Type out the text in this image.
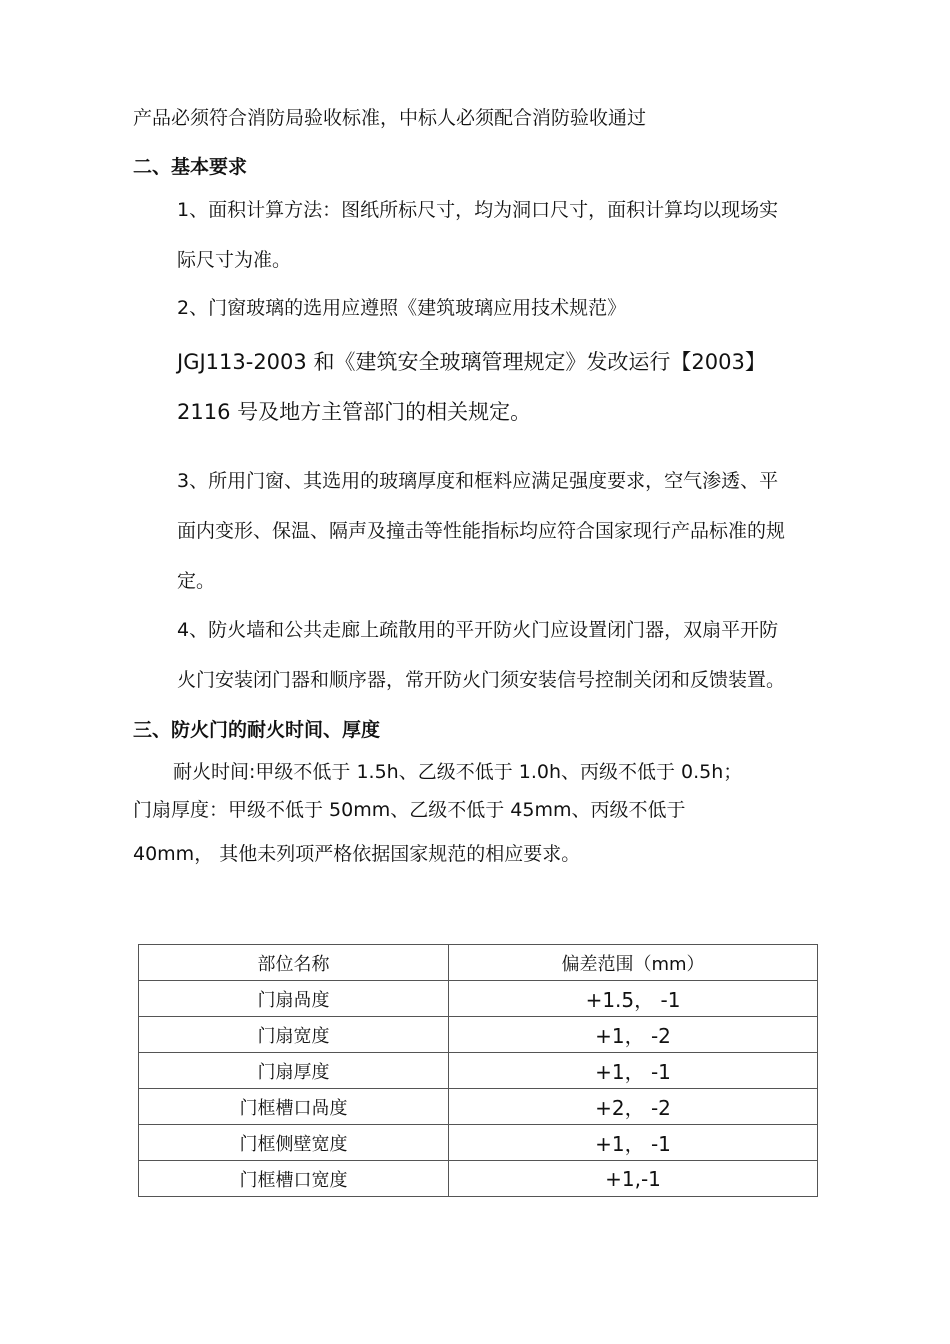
产品必须符合消防局验收标准，中标人必须配合消防验收通过
二、基本要求
1、面积计算方法：图纸所标尺寸，均为洞口尺寸，面积计算均以现场实
际尺寸为准。
2、门窗玻璃的选用应遵照《建筑玻璃应用技术规范》
JGJ113-2003 和《建筑安全玻璃管理规定》发改运行【2003】
2116 号及地方主管部门的相关规定。
3、所用门窗、其选用的玻璃厚度和框料应满足强度要求，空气渗透、平
面内变形、保温、隔声及撞击等性能指标均应符合国家现行产品标准的规
定。
4、防火墙和公共走廊上疏散用的平开防火门应设置闭门器，双扇平开防
火门安装闭门器和顺序器，常开防火门须安装信号控制关闭和反馈装置。
三、防火门的耐火时间、厚度
耐火时间:甲级不低于 1.5h、乙级不低于 1.0h、丙级不低于 0.5h；
门扇厚度：甲级不低于 50mm、乙级不低于 45mm、丙级不低于
40mm， 其他未列项严格依据国家规范的相应要求。
部位名称	偏差范围（mm）
门扇咼度	+1.5， -1
门扇宽度	+1， -2
门扇厚度	+1， -1
门框槽口咼度	+2， -2
门框侧壁宽度	+1， -1
门框槽口宽度	+1,-1
